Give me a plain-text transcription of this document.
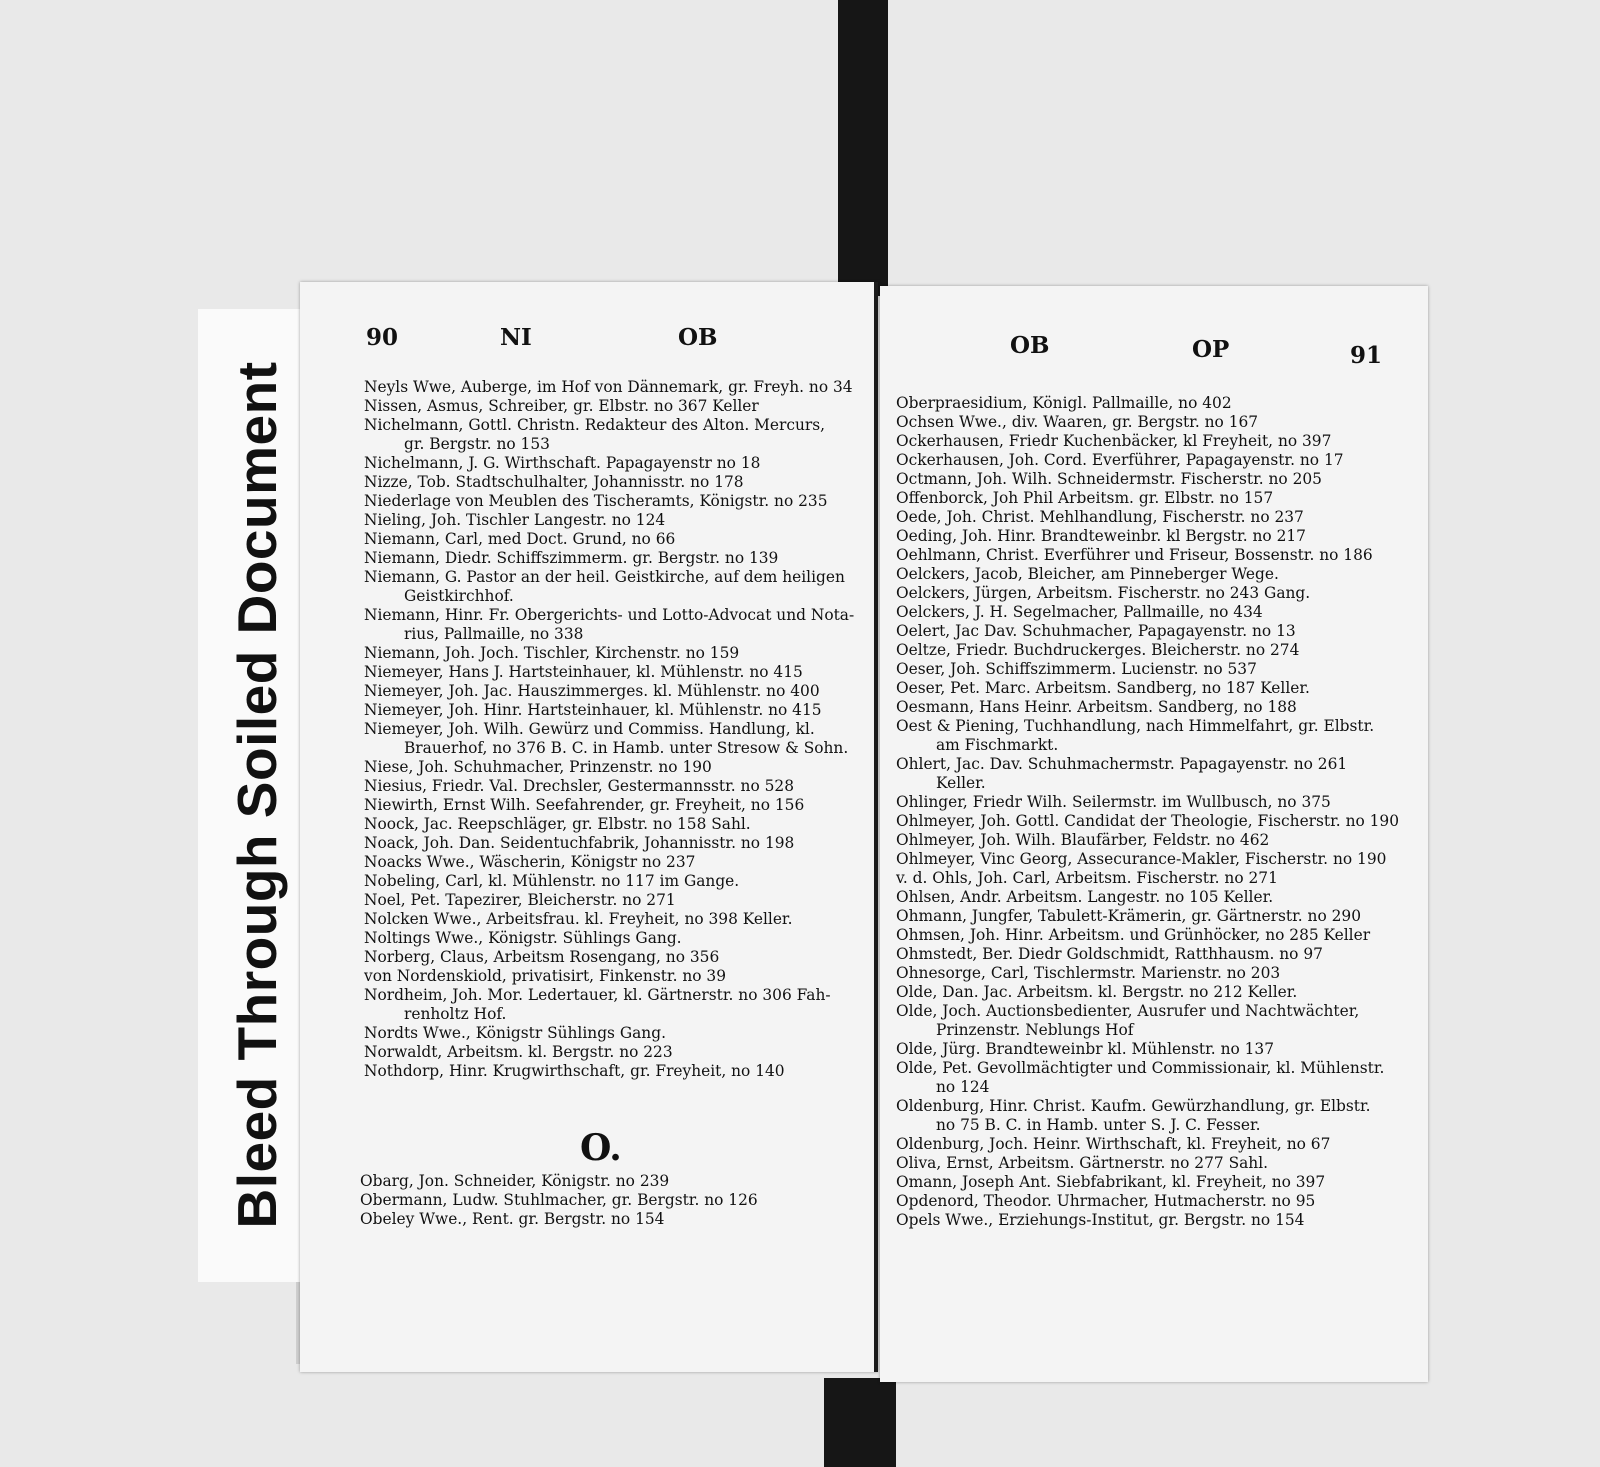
Bleed Through Soiled Document
90	NI	OB
Neyls Wwe, Auberge, im Hof von Dännemark, gr. Freyh. no 34
Nissen, Asmus, Schreiber, gr. Elbstr. no 367 Keller
Nichelmann, Gottl. Christn. Redakteur des Alton. Mercurs,
gr. Bergstr. no 153
Nichelmann, J. G. Wirthschaft. Papagayenstr no 18
Nizze, Tob. Stadtschulhalter, Johannisstr. no 178
Niederlage von Meublen des Tischeramts, Königstr. no 235
Nieling, Joh. Tischler Langestr. no 124
Niemann, Carl, med Doct. Grund, no 66
Niemann, Diedr. Schiffszimmerm. gr. Bergstr. no 139
Niemann, G. Pastor an der heil. Geistkirche, auf dem heiligen
Geistkirchhof.
Niemann, Hinr. Fr. Obergerichts- und Lotto-Advocat und Nota-
rius, Pallmaille, no 338
Niemann, Joh. Joch. Tischler, Kirchenstr. no 159
Niemeyer, Hans J. Hartsteinhauer, kl. Mühlenstr. no 415
Niemeyer, Joh. Jac. Hauszimmerges. kl. Mühlenstr. no 400
Niemeyer, Joh. Hinr. Hartsteinhauer, kl. Mühlenstr. no 415
Niemeyer, Joh. Wilh. Gewürz und Commiss. Handlung, kl.
Brauerhof, no 376 B. C. in Hamb. unter Stresow & Sohn.
Niese, Joh. Schuhmacher, Prinzenstr. no 190
Niesius, Friedr. Val. Drechsler, Gestermannsstr. no 528
Niewirth, Ernst Wilh. Seefahrender, gr. Freyheit, no 156
Noock, Jac. Reepschläger, gr. Elbstr. no 158 Sahl.
Noack, Joh. Dan. Seidentuchfabrik, Johannisstr. no 198
Noacks Wwe., Wäscherin, Königstr no 237
Nobeling, Carl, kl. Mühlenstr. no 117 im Gange.
Noel, Pet. Tapezirer, Bleicherstr. no 271
Nolcken Wwe., Arbeitsfrau. kl. Freyheit, no 398 Keller.
Noltings Wwe., Königstr. Sühlings Gang.
Norberg, Claus, Arbeitsm Rosengang, no 356
von Nordenskiold, privatisirt, Finkenstr. no 39
Nordheim, Joh. Mor. Ledertauer, kl. Gärtnerstr. no 306 Fah-
renholtz Hof.
Nordts Wwe., Königstr Sühlings Gang.
Norwaldt, Arbeitsm. kl. Bergstr. no 223
Nothdorp, Hinr. Krugwirthschaft, gr. Freyheit, no 140
O.
Obarg, Jon. Schneider, Königstr. no 239
Obermann, Ludw. Stuhlmacher, gr. Bergstr. no 126
Obeley Wwe., Rent. gr. Bergstr. no 154
OB	OP	91
Oberpraesidium, Königl. Pallmaille, no 402
Ochsen Wwe., div. Waaren, gr. Bergstr. no 167
Ockerhausen, Friedr Kuchenbäcker, kl Freyheit, no 397
Ockerhausen, Joh. Cord. Everführer, Papagayenstr. no 17
Octmann, Joh. Wilh. Schneidermstr. Fischerstr. no 205
Offenborck, Joh Phil Arbeitsm. gr. Elbstr. no 157
Oede, Joh. Christ. Mehlhandlung, Fischerstr. no 237
Oeding, Joh. Hinr. Brandteweinbr. kl Bergstr. no 217
Oehlmann, Christ. Everführer und Friseur, Bossenstr. no 186
Oelckers, Jacob, Bleicher, am Pinneberger Wege.
Oelckers, Jürgen, Arbeitsm. Fischerstr. no 243 Gang.
Oelckers, J. H. Segelmacher, Pallmaille, no 434
Oelert, Jac Dav. Schuhmacher, Papagayenstr. no 13
Oeltze, Friedr. Buchdruckerges. Bleicherstr. no 274
Oeser, Joh. Schiffszimmerm. Lucienstr. no 537
Oeser, Pet. Marc. Arbeitsm. Sandberg, no 187 Keller.
Oesmann, Hans Heinr. Arbeitsm. Sandberg, no 188
Oest & Piening, Tuchhandlung, nach Himmelfahrt, gr. Elbstr.
am Fischmarkt.
Ohlert, Jac. Dav. Schuhmachermstr. Papagayenstr. no 261
Keller.
Ohlinger, Friedr Wilh. Seilermstr. im Wullbusch, no 375
Ohlmeyer, Joh. Gottl. Candidat der Theologie, Fischerstr. no 190
Ohlmeyer, Joh. Wilh. Blaufärber, Feldstr. no 462
Ohlmeyer, Vinc Georg, Assecurance-Makler, Fischerstr. no 190
v. d. Ohls, Joh. Carl, Arbeitsm. Fischerstr. no 271
Ohlsen, Andr. Arbeitsm. Langestr. no 105 Keller.
Ohmann, Jungfer, Tabulett-Krämerin, gr. Gärtnerstr. no 290
Ohmsen, Joh. Hinr. Arbeitsm. und Grünhöcker, no 285 Keller
Ohmstedt, Ber. Diedr Goldschmidt, Ratthhausm. no 97
Ohnesorge, Carl, Tischlermstr. Marienstr. no 203
Olde, Dan. Jac. Arbeitsm. kl. Bergstr. no 212 Keller.
Olde, Joch. Auctionsbedienter, Ausrufer und Nachtwächter,
Prinzenstr. Neblungs Hof
Olde, Jürg. Brandteweinbr kl. Mühlenstr. no 137
Olde, Pet. Gevollmächtigter und Commissionair, kl. Mühlenstr.
no 124
Oldenburg, Hinr. Christ. Kaufm. Gewürzhandlung, gr. Elbstr.
no 75 B. C. in Hamb. unter S. J. C. Fesser.
Oldenburg, Joch. Heinr. Wirthschaft, kl. Freyheit, no 67
Oliva, Ernst, Arbeitsm. Gärtnerstr. no 277 Sahl.
Omann, Joseph Ant. Siebfabrikant, kl. Freyheit, no 397
Opdenord, Theodor. Uhrmacher, Hutmacherstr. no 95
Opels Wwe., Erziehungs-Institut, gr. Bergstr. no 154
